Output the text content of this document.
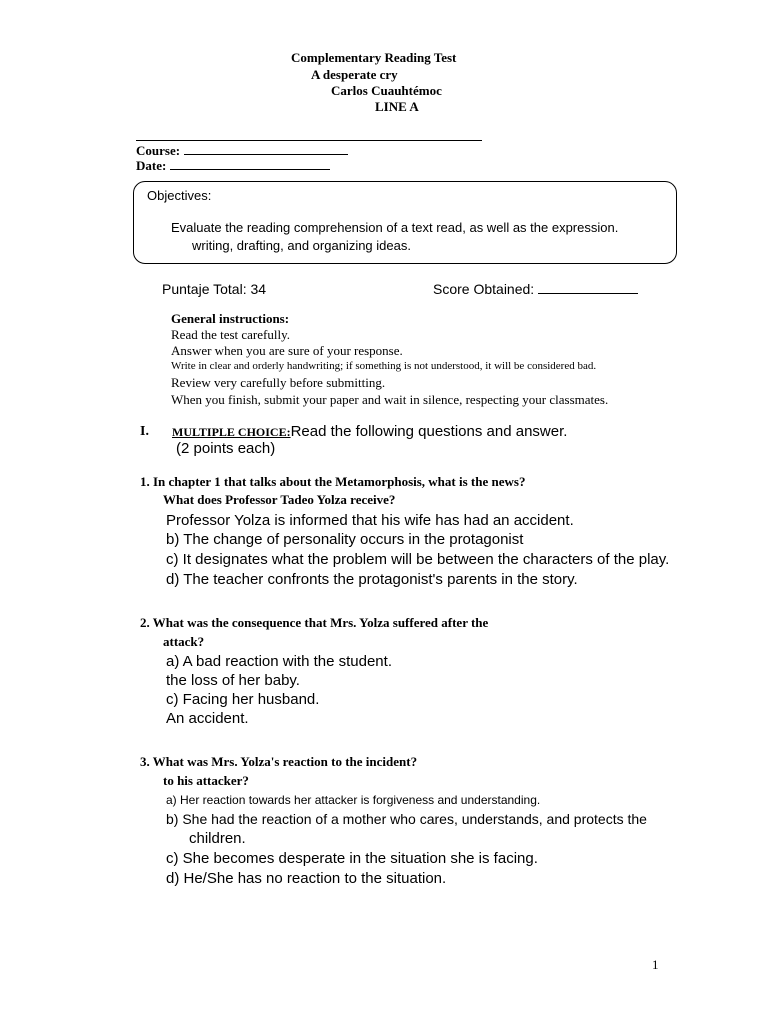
Complementary Reading Test
A desperate cry
Carlos Cuauhtémoc
LINE A
Course:
Date:
Objectives:
Evaluate the reading comprehension of a text read, as well as the expression.
writing, drafting, and organizing ideas.
Puntaje Total: 34	Score Obtained:
General instructions:
Read the test carefully.
Answer when you are sure of your response.
Write in clear and orderly handwriting; if something is not understood, it will be considered bad.
Review very carefully before submitting.
When you finish, submit your paper and wait in silence, respecting your classmates.
I. MULTIPLE CHOICE:Read the following questions and answer.
(2 points each)
1. In chapter 1 that talks about the Metamorphosis, what is the news?
What does Professor Tadeo Yolza receive?
Professor Yolza is informed that his wife has had an accident.
b) The change of personality occurs in the protagonist
c) It designates what the problem will be between the characters of the play.
d) The teacher confronts the protagonist's parents in the story.
2. What was the consequence that Mrs. Yolza suffered after the
attack?
a) A bad reaction with the student.
the loss of her baby.
c) Facing her husband.
An accident.
3. What was Mrs. Yolza's reaction to the incident?
to his attacker?
a) Her reaction towards her attacker is forgiveness and understanding.
b) She had the reaction of a mother who cares, understands, and protects the
children.
c) She becomes desperate in the situation she is facing.
d) He/She has no reaction to the situation.
1
